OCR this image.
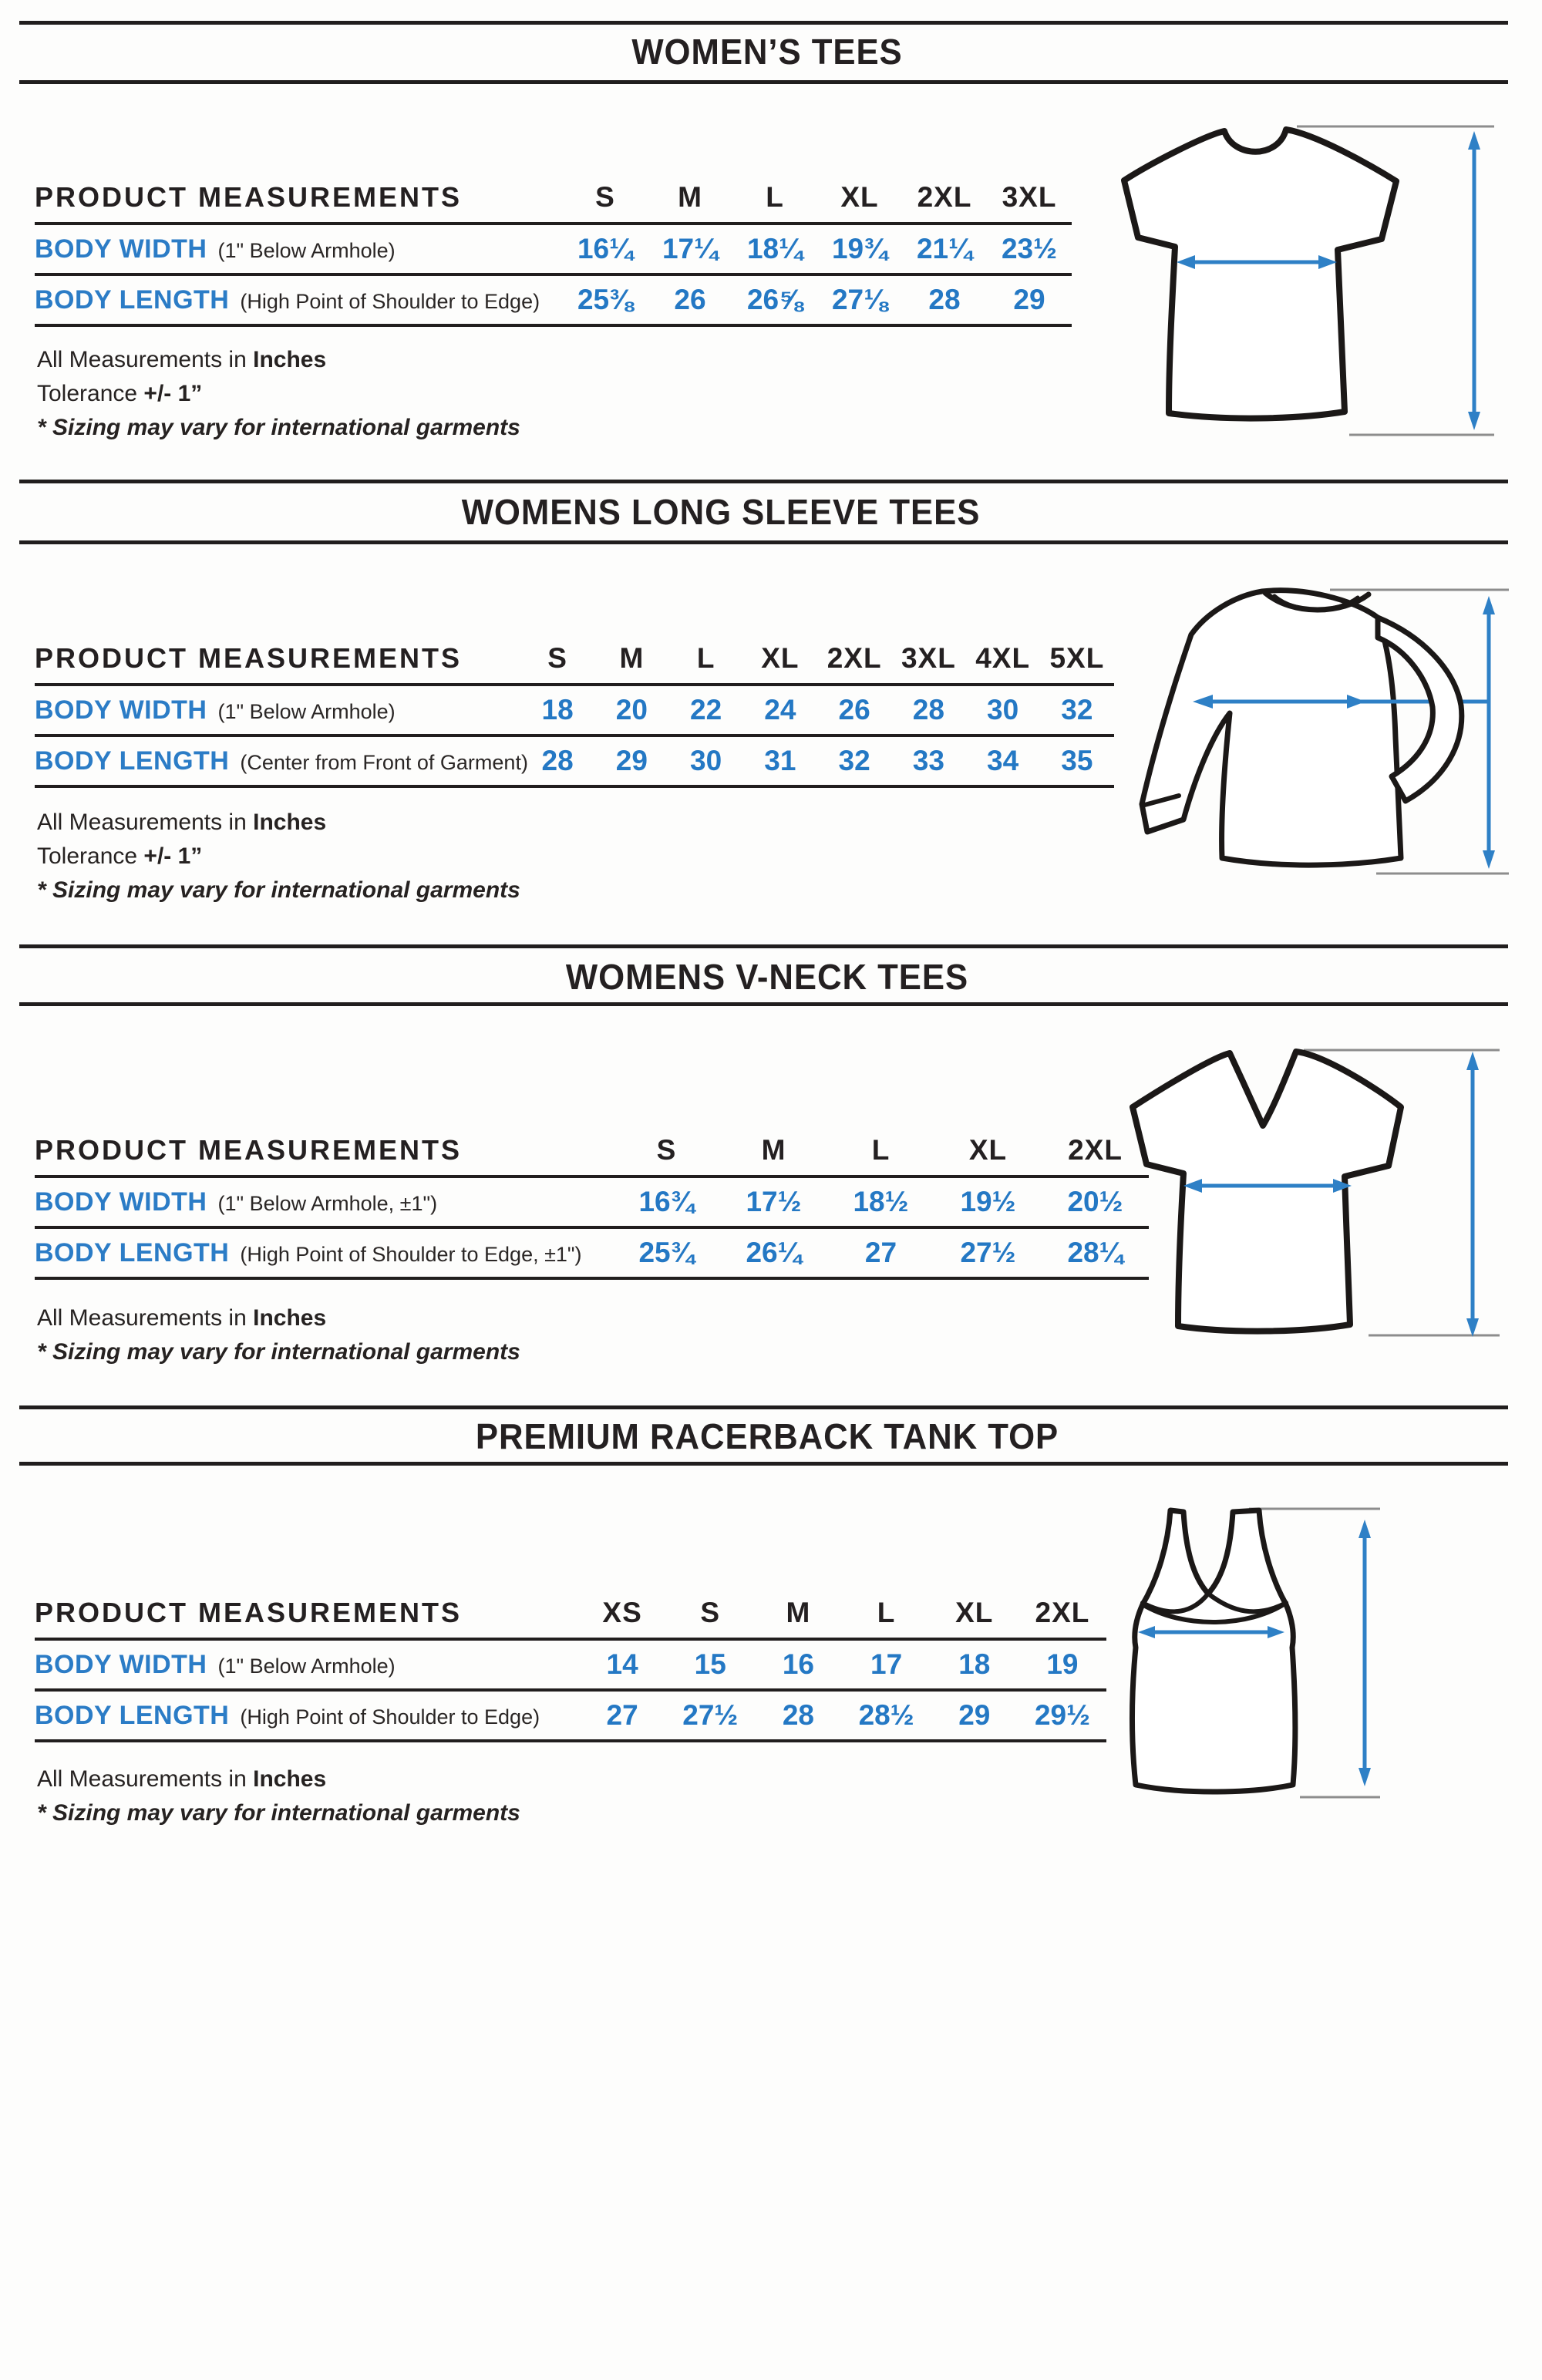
WOMEN’S TEES
PRODUCT MEASUREMENTS	S	M	L	XL	2XL	3XL
BODY WIDTH (1" Below Armhole)	16¼	17¼	18¼	19¾	21¼	23½
BODY LENGTH (High Point of Shoulder to Edge)	25⅜	26	26⅝	27⅛	28	29
All Measurements in Inches
Tolerance +/- 1”
* Sizing may vary for international garments
WOMENS LONG SLEEVE TEES
PRODUCT MEASUREMENTS	S	M	L	XL 2XL 3XL 4XL 5XL
BODY WIDTH (1" Below Armhole)	18	20	22	24	26	28	30	32
BODY LENGTH (Center from Front of Garment) 28	29	30	31	32	33	34	35
All Measurements in Inches
Tolerance +/- 1”
* Sizing may vary for international garments
WOMENS V-NECK TEES
PRODUCT MEASUREMENTS	S	M	L	XL	2XL
BODY WIDTH (1" Below Armhole, ±1")	16¾	17½	18½	19½	20½
BODY LENGTH (High Point of Shoulder to Edge, ±1")	25¾	26¼	27	27½	28¼
All Measurements in Inches
* Sizing may vary for international garments
PREMIUM RACERBACK TANK TOP
PRODUCT MEASUREMENTS	XS	S	M	L	XL	2XL
BODY WIDTH (1" Below Armhole)	14	15	16	17	18	19
BODY LENGTH (High Point of Shoulder to Edge)	27	27½	28	28½	29	29½
All Measurements in Inches
* Sizing may vary for international garments
